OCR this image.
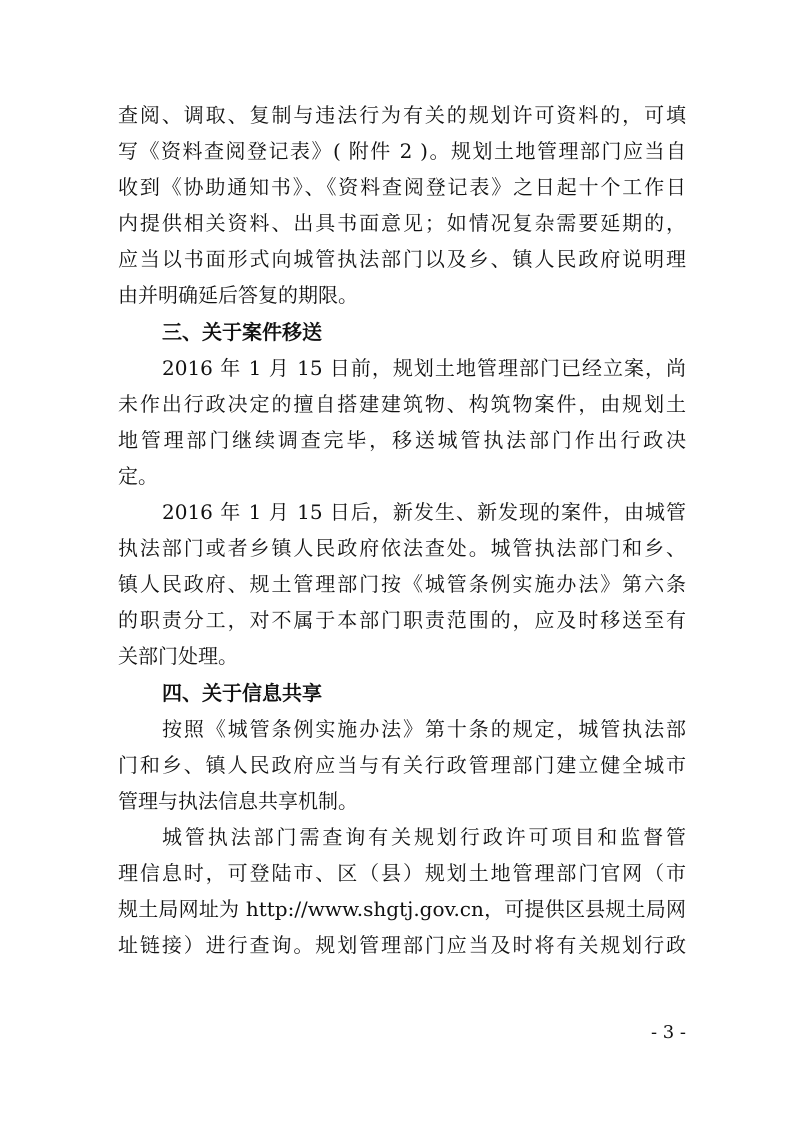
查阅、调取、复制与违法行为有关的规划许可资料的，可填
写《资料查阅登记表》( 附件 2 )。规划土地管理部门应当自
收到《协助通知书》、《资料查阅登记表》之日起十个工作日
内提供相关资料、出具书面意见；如情况复杂需要延期的，
应当以书面形式向城管执法部门以及乡、镇人民政府说明理
由并明确延后答复的期限。
三、关于案件移送
2016 年 1 月 15 日前，规划土地管理部门已经立案，尚
未作出行政决定的擅自搭建建筑物、构筑物案件，由规划土
地管理部门继续调查完毕，移送城管执法部门作出行政决
定。
2016 年 1 月 15 日后，新发生、新发现的案件，由城管
执法部门或者乡镇人民政府依法查处。城管执法部门和乡、
镇人民政府、规土管理部门按《城管条例实施办法》第六条
的职责分工，对不属于本部门职责范围的，应及时移送至有
关部门处理。
四、关于信息共享
按照《城管条例实施办法》第十条的规定，城管执法部
门和乡、镇人民政府应当与有关行政管理部门建立健全城市
管理与执法信息共享机制。
城管执法部门需查询有关规划行政许可项目和监督管
理信息时，可登陆市、区（县）规划土地管理部门官网（市
规土局网址为 http://www.shgtj.gov.cn，可提供区县规土局网
址链接）进行查询。规划管理部门应当及时将有关规划行政
- 3 -
